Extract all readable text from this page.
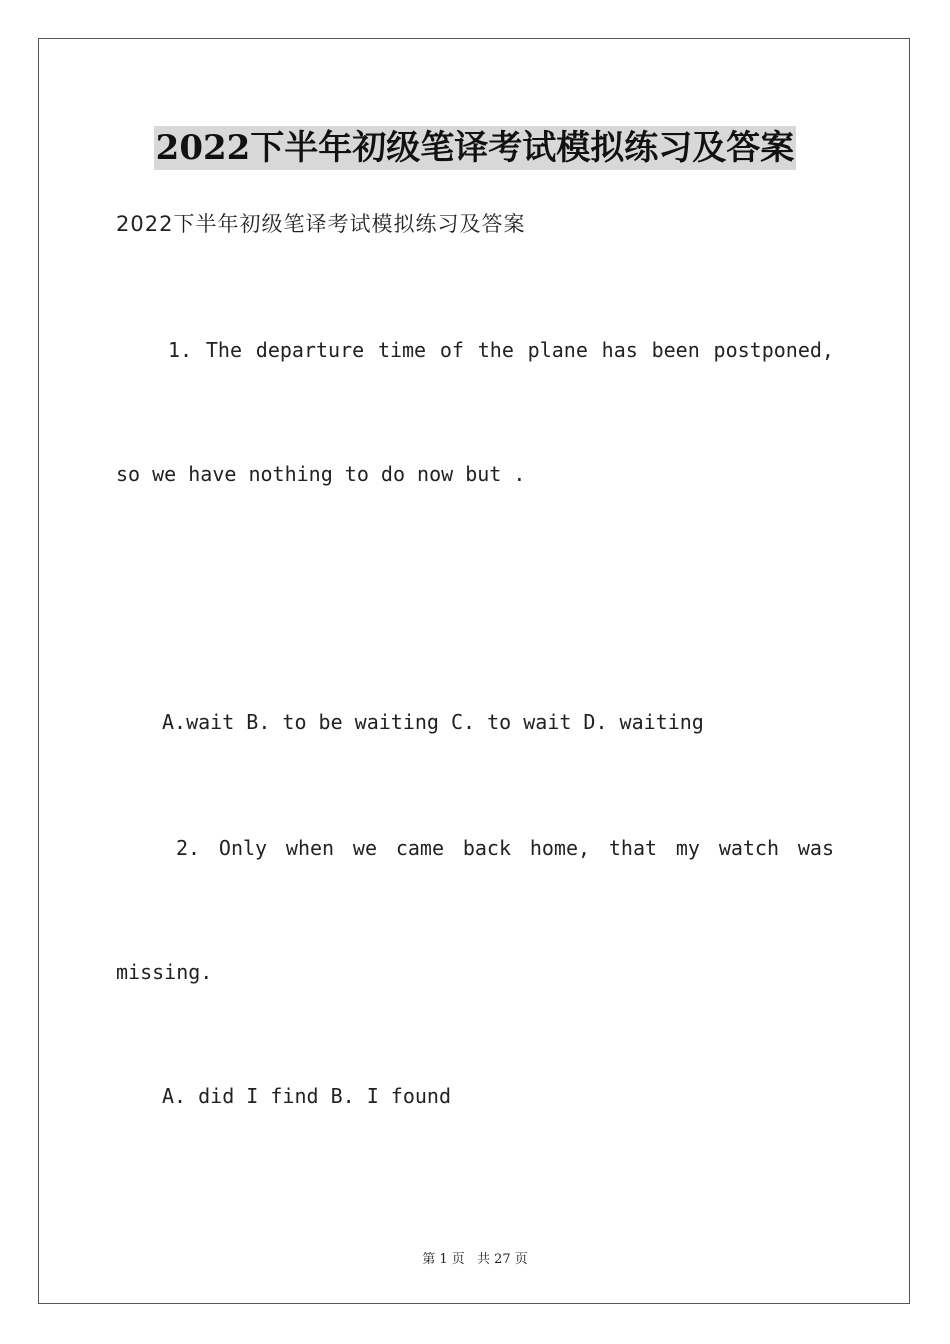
2022下半年初级笔译考试模拟练习及答案
2022下半年初级笔译考试模拟练习及答案
1. The departure time of the plane has been postponed,
so we have nothing to do now but .
A.wait B. to be waiting C. to wait D. waiting
2. Only when we came back home, that my watch was
missing.
A. did I find B. I found
第 1 页 共 27 页
